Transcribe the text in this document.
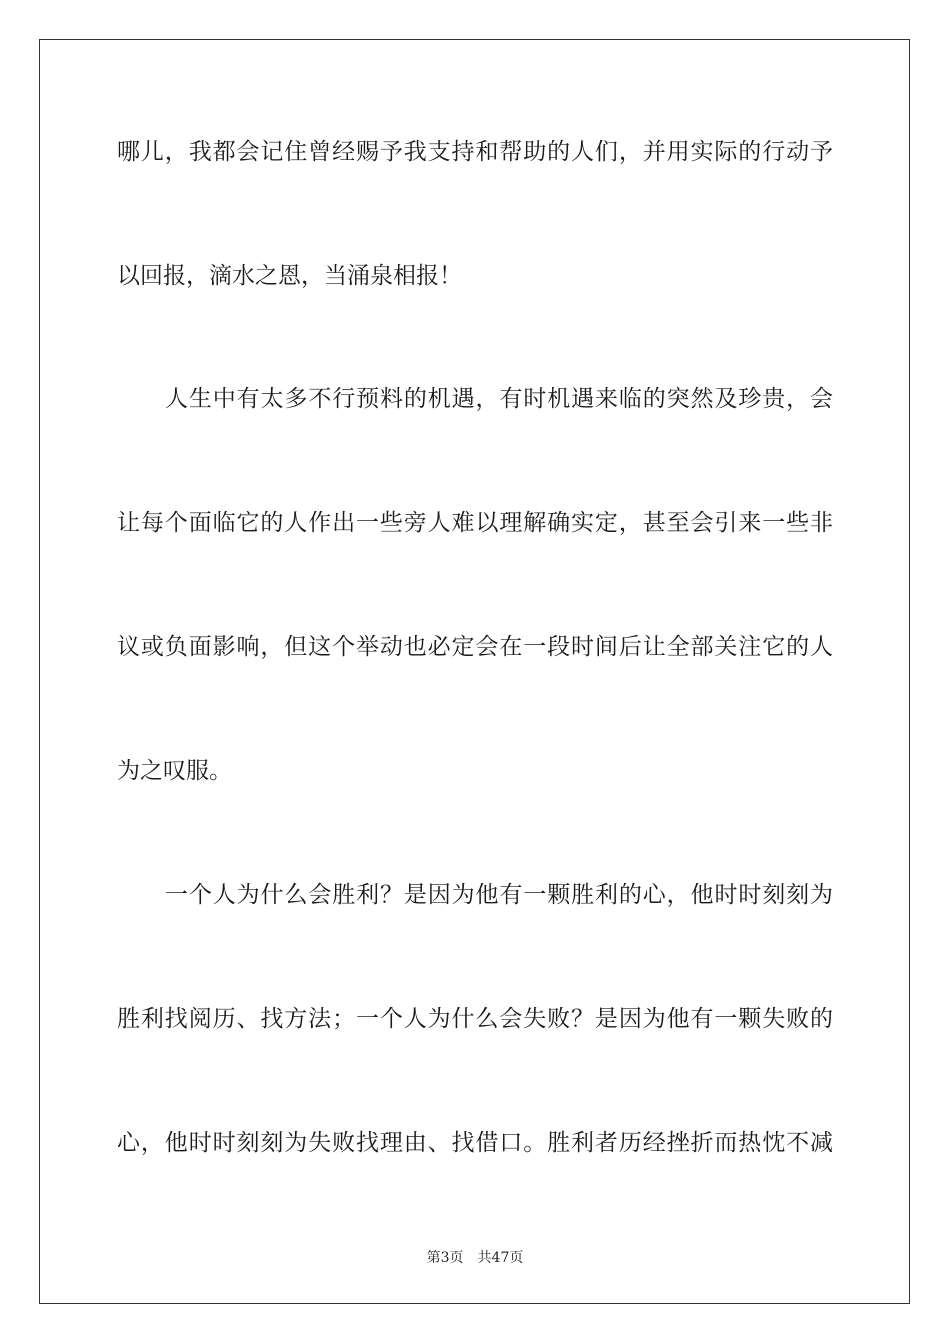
哪儿，我都会记住曾经赐予我支持和帮助的人们，并用实际的行动予
以回报，滴水之恩，当涌泉相报！
人生中有太多不行预料的机遇，有时机遇来临的突然及珍贵，会
让每个面临它的人作出一些旁人难以理解确实定，甚至会引来一些非
议或负面影响，但这个举动也必定会在一段时间后让全部关注它的人
为之叹服。
一个人为什么会胜利？是因为他有一颗胜利的心，他时时刻刻为
胜利找阅历、找方法；一个人为什么会失败？是因为他有一颗失败的
心，他时时刻刻为失败找理由、找借口。胜利者历经挫折而热忱不减
第3页 共47页
